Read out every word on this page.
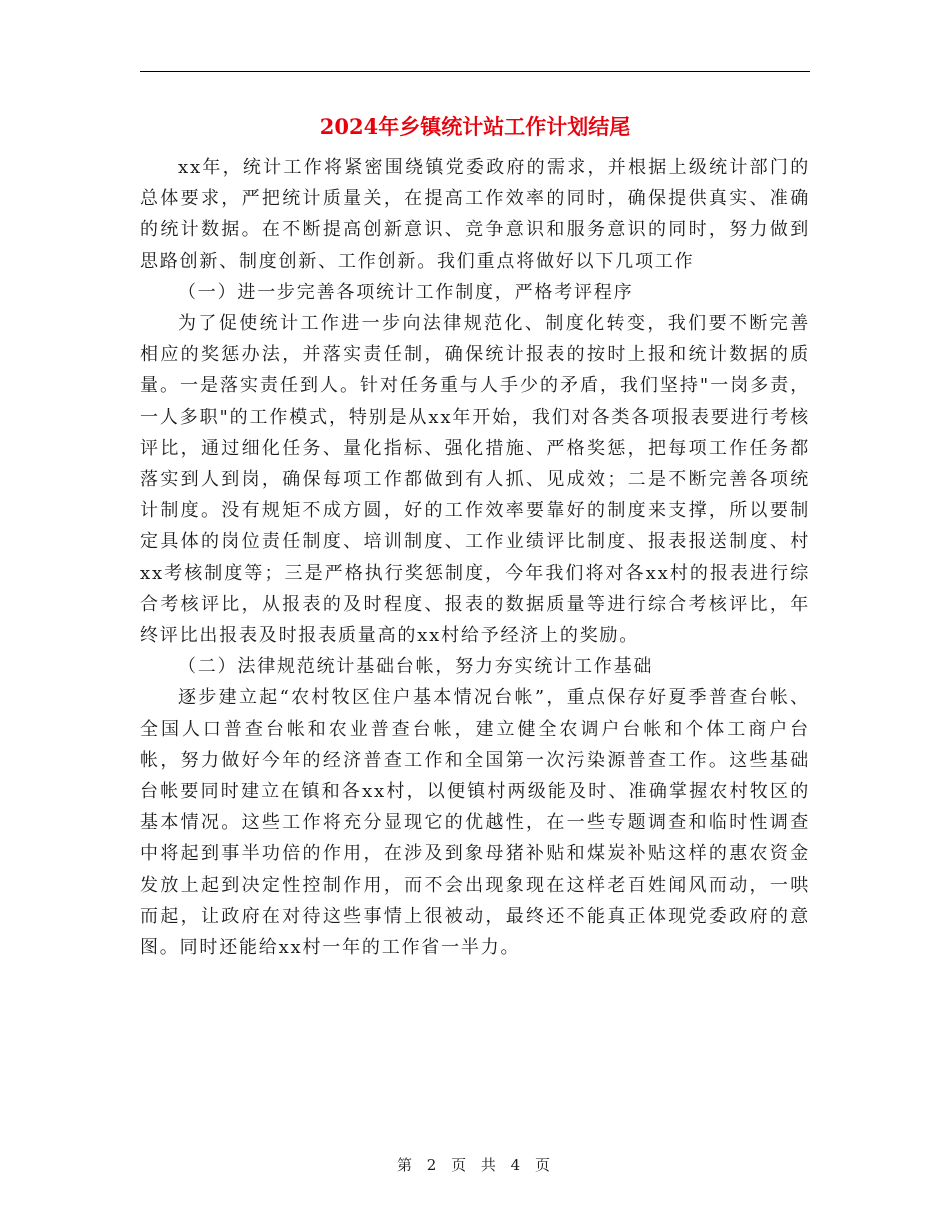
2024年乡镇统计站工作计划结尾

xx年，统计工作将紧密围绕镇党委政府的需求，并根据上级统计部门的总体要求，严把统计质量关，在提高工作效率的同时，确保提供真实、准确的统计数据。在不断提高创新意识、竞争意识和服务意识的同时，努力做到思路创新、制度创新、工作创新。我们重点将做好以下几项工作

（一）进一步完善各项统计工作制度，严格考评程序

为了促使统计工作进一步向法律规范化、制度化转变，我们要不断完善相应的奖惩办法，并落实责任制，确保统计报表的按时上报和统计数据的质量。一是落实责任到人。针对任务重与人手少的矛盾，我们坚持"一岗多责，一人多职"的工作模式，特别是从xx年开始，我们对各类各项报表要进行考核评比，通过细化任务、量化指标、强化措施、严格奖惩，把每项工作任务都落实到人到岗，确保每项工作都做到有人抓、见成效；二是不断完善各项统计制度。没有规矩不成方圆，好的工作效率要靠好的制度来支撑，所以要制定具体的岗位责任制度、培训制度、工作业绩评比制度、报表报送制度、村xx考核制度等；三是严格执行奖惩制度，今年我们将对各xx村的报表进行综合考核评比，从报表的及时程度、报表的数据质量等进行综合考核评比，年终评比出报表及时报表质量高的xx村给予经济上的奖励。

（二）法律规范统计基础台帐，努力夯实统计工作基础

逐步建立起“农村牧区住户基本情况台帐”，重点保存好夏季普查台帐、全国人口普查台帐和农业普查台帐，建立健全农调户台帐和个体工商户台帐，努力做好今年的经济普查工作和全国第一次污染源普查工作。这些基础台帐要同时建立在镇和各xx村，以便镇村两级能及时、准确掌握农村牧区的基本情况。这些工作将充分显现它的优越性，在一些专题调查和临时性调查中将起到事半功倍的作用，在涉及到象母猪补贴和煤炭补贴这样的惠农资金发放上起到决定性控制作用，而不会出现象现在这样老百姓闻风而动，一哄而起，让政府在对待这些事情上很被动，最终还不能真正体现党委政府的意图。同时还能给xx村一年的工作省一半力。

第 2 页 共 4 页
